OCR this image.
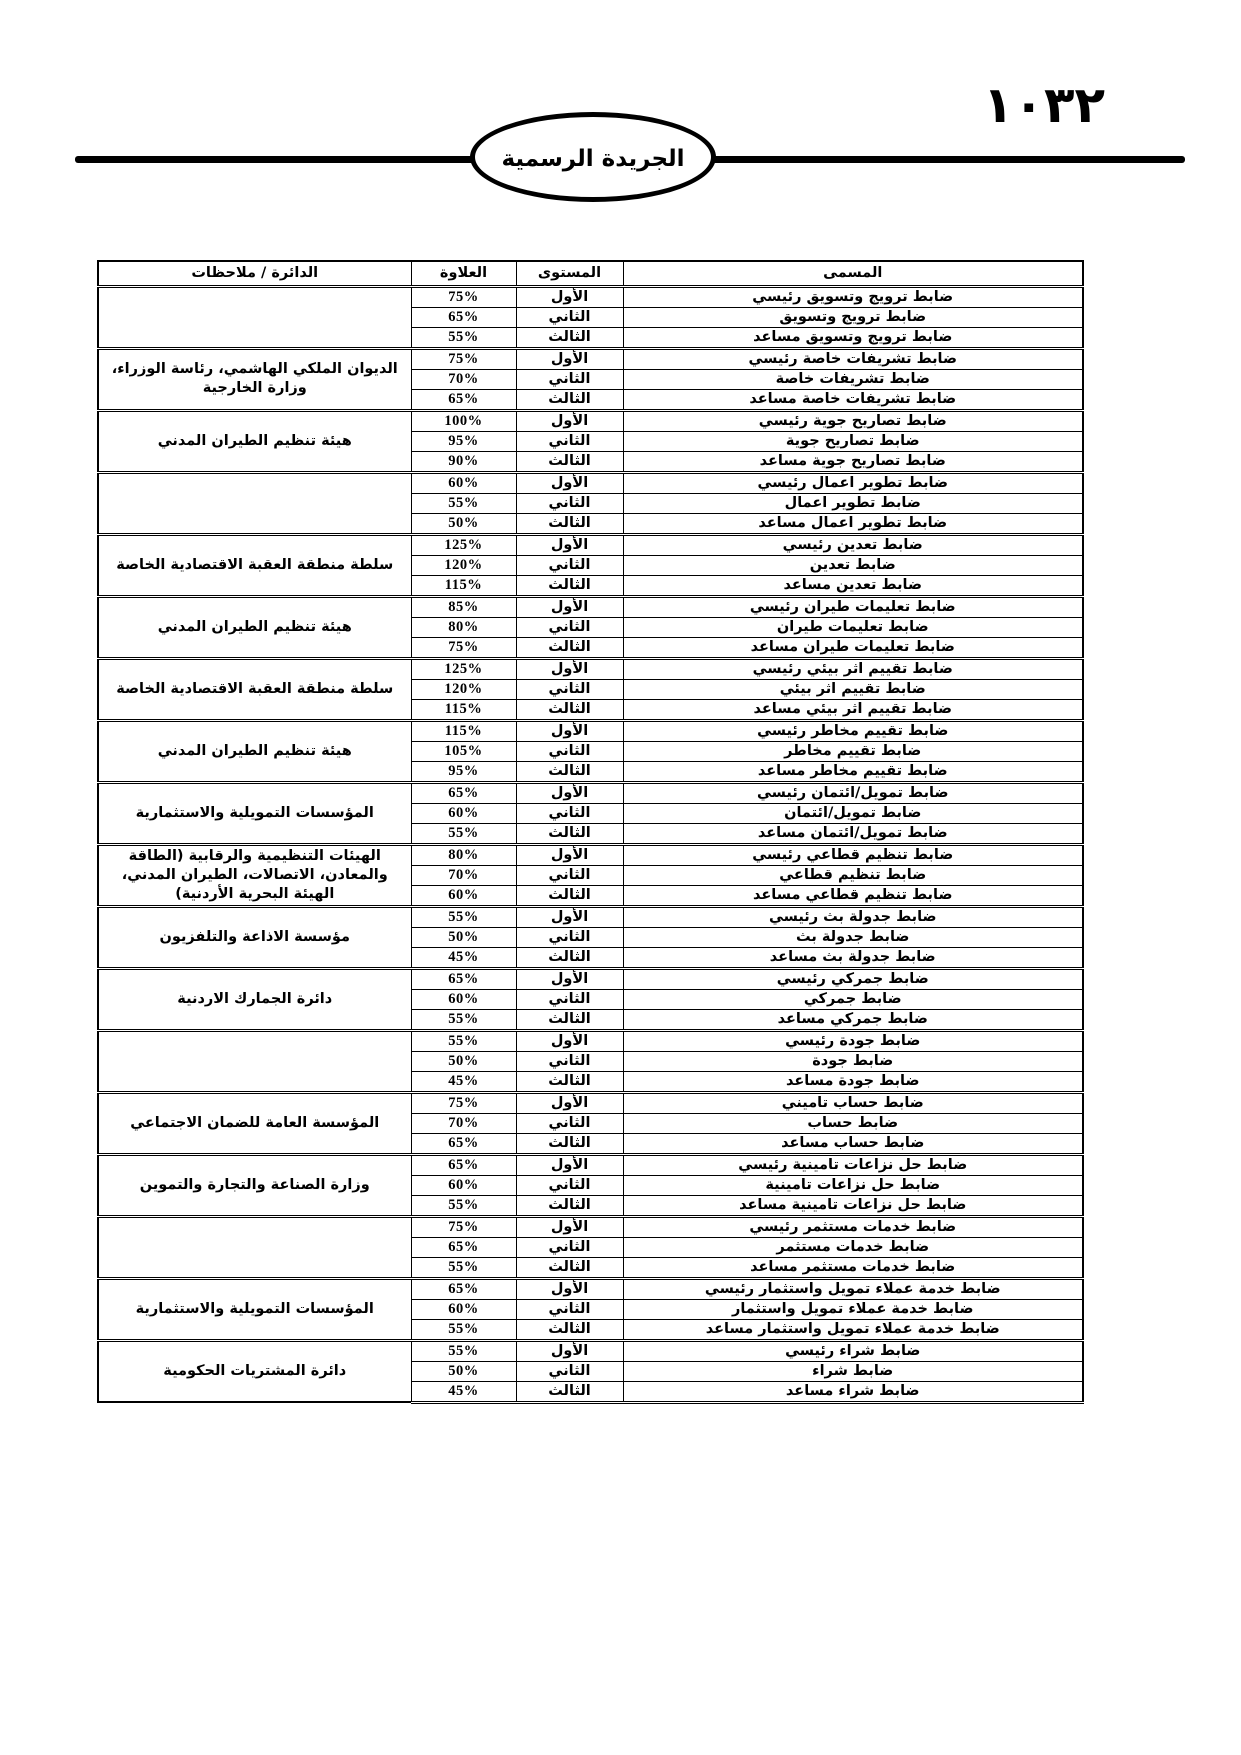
١٠٣٢
الجريدة الرسمية
المسمى	المستوى	العلاوة	الدائرة / ملاحظات
ضابط ترويج وتسويق رئيسي	الأول	75%	
ضابط ترويج وتسويق	الثاني	65%	
ضابط ترويج وتسويق مساعد	الثالث	55%	
ضابط تشريفات خاصة رئيسي	الأول	75%	الديوان الملكي الهاشمي، رئاسة الوزراء، وزارة الخارجية
ضابط تشريفات خاصة	الثاني	70%	
ضابط تشريفات خاصة مساعد	الثالث	65%	
ضابط تصاريح جوية رئيسي	الأول	100%	هيئة تنظيم الطيران المدني
ضابط تصاريح جوية	الثاني	95%	
ضابط تصاريح جوية مساعد	الثالث	90%	
ضابط تطوير اعمال رئيسي	الأول	60%	
ضابط تطوير اعمال	الثاني	55%	
ضابط تطوير اعمال مساعد	الثالث	50%	
ضابط تعدين رئيسي	الأول	125%	سلطة منطقة العقبة الاقتصادية الخاصة
ضابط تعدين	الثاني	120%	
ضابط تعدين مساعد	الثالث	115%	
ضابط تعليمات طيران رئيسي	الأول	85%	هيئة تنظيم الطيران المدني
ضابط تعليمات طيران	الثاني	80%	
ضابط تعليمات طيران مساعد	الثالث	75%	
ضابط تقييم اثر بيئي رئيسي	الأول	125%	سلطة منطقة العقبة الاقتصادية الخاصة
ضابط تقييم اثر بيئي	الثاني	120%	
ضابط تقييم اثر بيئي مساعد	الثالث	115%	
ضابط تقييم مخاطر رئيسي	الأول	115%	هيئة تنظيم الطيران المدني
ضابط تقييم مخاطر	الثاني	105%	
ضابط تقييم مخاطر مساعد	الثالث	95%	
ضابط تمويل/ائتمان رئيسي	الأول	65%	المؤسسات التمويلية والاستثمارية
ضابط تمويل/ائتمان	الثاني	60%	
ضابط تمويل/ائتمان مساعد	الثالث	55%	
ضابط تنظيم قطاعي رئيسي	الأول	80%	الهيئات التنظيمية والرقابية (الطاقة والمعادن، الاتصالات، الطيران المدني، الهيئة البحرية الأردنية)
ضابط تنظيم قطاعي	الثاني	70%	
ضابط تنظيم قطاعي مساعد	الثالث	60%	
ضابط جدولة بث رئيسي	الأول	55%	مؤسسة الاذاعة والتلفزيون
ضابط جدولة بث	الثاني	50%	
ضابط جدولة بث مساعد	الثالث	45%	
ضابط جمركي رئيسي	الأول	65%	دائرة الجمارك الاردنية
ضابط جمركي	الثاني	60%	
ضابط جمركي مساعد	الثالث	55%	
ضابط جودة رئيسي	الأول	55%	
ضابط جودة	الثاني	50%	
ضابط جودة مساعد	الثالث	45%	
ضابط حساب تاميني	الأول	75%	المؤسسة العامة للضمان الاجتماعي
ضابط حساب	الثاني	70%	
ضابط حساب مساعد	الثالث	65%	
ضابط حل نزاعات تامينية رئيسي	الأول	65%	وزارة الصناعة والتجارة والتموين
ضابط حل نزاعات تامينية	الثاني	60%	
ضابط حل نزاعات تامينية مساعد	الثالث	55%	
ضابط خدمات مستثمر رئيسي	الأول	75%	
ضابط خدمات مستثمر	الثاني	65%	
ضابط خدمات مستثمر مساعد	الثالث	55%	
ضابط خدمة عملاء تمويل واستثمار رئيسي	الأول	65%	المؤسسات التمويلية والاستثمارية
ضابط خدمة عملاء تمويل واستثمار	الثاني	60%	
ضابط خدمة عملاء تمويل واستثمار مساعد	الثالث	55%	
ضابط شراء رئيسي	الأول	55%	دائرة المشتريات الحكومية
ضابط شراء	الثاني	50%	
ضابط شراء مساعد	الثالث	45%	
